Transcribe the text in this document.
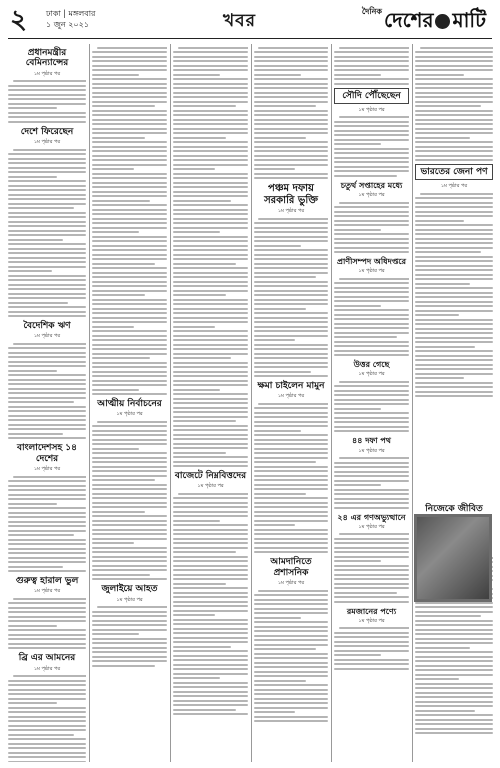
২ ঢাকা | মঙ্গলবার
১ জুন ২০২১	খবর	$^{দৈনিক}$ দেশের মাটি
প্রধানমন্ত্রীর বেমিন্যান্সের
১ম পৃষ্ঠার পর
দেশে ফিরেছেন
১ম পৃষ্ঠার পর
বৈদেশিক ঋণ
১ম পৃষ্ঠার পর
বাংলাদেশসহ ১৪ দেশের
১ম পৃষ্ঠার পর
গুরুত্ব হারাল ভুল
১ম পৃষ্ঠার পর
ব্রি এর আমনের
১ম পৃষ্ঠার পর
আত্মীয় নির্বাচনের
১ম পৃষ্ঠার পর
জুলাইয়ে আহত
১ম পৃষ্ঠার পর
বাজেটে নিম্নবিত্তদের
১ম পৃষ্ঠার পর
পঞ্চম দফায় সরকারি ভুক্তি
১ম পৃষ্ঠার পর
ক্ষমা চাইলেন মামুন
১ম পৃষ্ঠার পর
আমদানিতে প্রশাসনিক
১ম পৃষ্ঠার পর
সৌদি পৌঁছেছেন
১ম পৃষ্ঠার পর
চতুর্থ সপ্তাহের মধ্যে
১ম পৃষ্ঠার পর
প্রাণীসম্পদ অধিদপ্তরে
১ম পৃষ্ঠার পর
উত্তর গেছে
১ম পৃষ্ঠার পর
৪৪ দফা পথ
১ম পৃষ্ঠার পর
২৪ এর গণঅভ্যুত্থানে
১ম পৃষ্ঠার পর
রমজানের পণ্যে
১ম পৃষ্ঠার পর
ভারতের জেনা পণ
১ম পৃষ্ঠার পর
নিজেকে জীবিত
